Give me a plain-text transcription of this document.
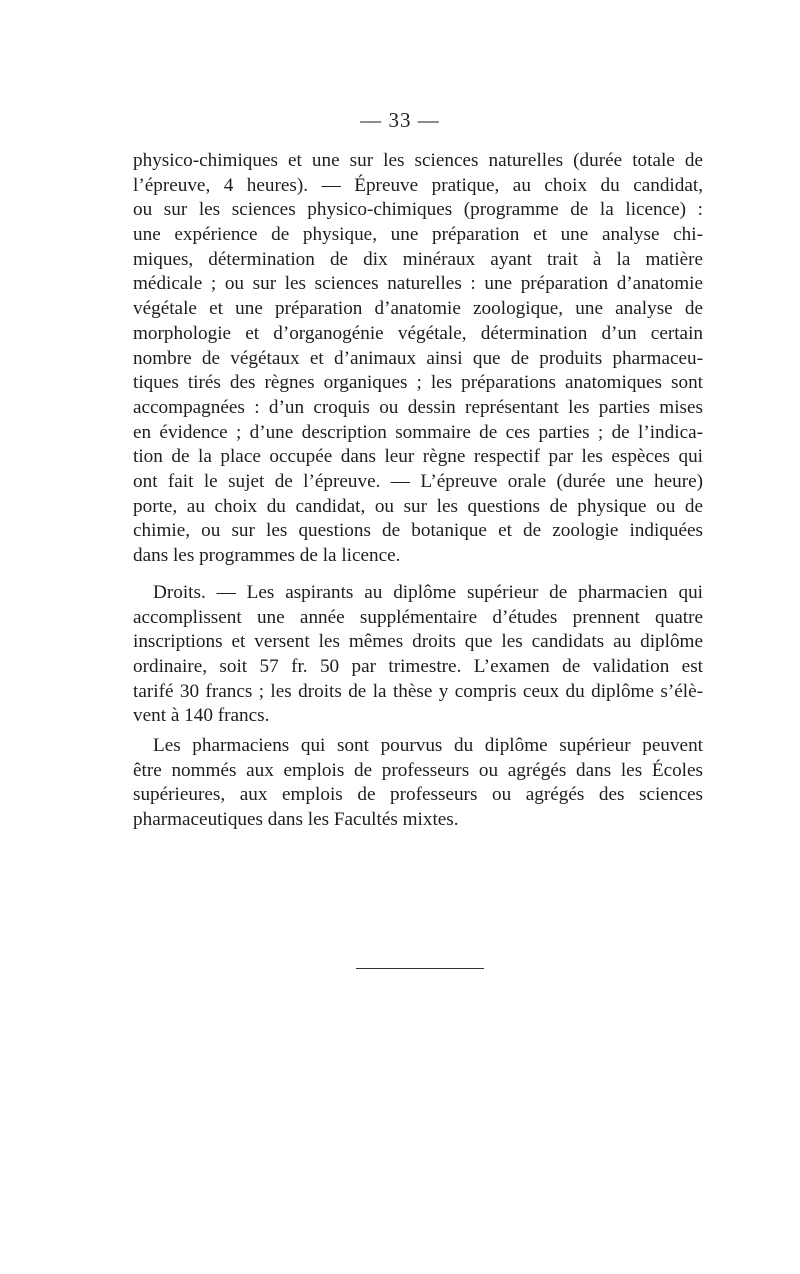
— 33 —
physico-chimiques et une sur les sciences naturelles (durée totale de
l’épreuve, 4 heures). — Épreuve pratique, au choix du candidat,
ou sur les sciences physico-chimiques (programme de la licence) :
une expérience de physique, une préparation et une analyse chi-
miques, détermination de dix minéraux ayant trait à la matière
médicale ; ou sur les sciences naturelles : une préparation d’anatomie
végétale et une préparation d’anatomie zoologique, une analyse de
morphologie et d’organogénie végétale, détermination d’un certain
nombre de végétaux et d’animaux ainsi que de produits pharmaceu-
tiques tirés des règnes organiques ; les préparations anatomiques sont
accompagnées : d’un croquis ou dessin représentant les parties mises
en évidence ; d’une description sommaire de ces parties ; de l’indica-
tion de la place occupée dans leur règne respectif par les espèces qui
ont fait le sujet de l’épreuve. — L’épreuve orale (durée une heure)
porte, au choix du candidat, ou sur les questions de physique ou de
chimie, ou sur les questions de botanique et de zoologie indiquées
dans les programmes de la licence.
Droits. — Les aspirants au diplôme supérieur de pharmacien qui
accomplissent une année supplémentaire d’études prennent quatre
inscriptions et versent les mêmes droits que les candidats au diplôme
ordinaire, soit 57 fr. 50 par trimestre. L’examen de validation est
tarifé 30 francs ; les droits de la thèse y compris ceux du diplôme s’élè-
vent à 140 francs.
Les pharmaciens qui sont pourvus du diplôme supérieur peuvent
être nommés aux emplois de professeurs ou agrégés dans les Écoles
supérieures, aux emplois de professeurs ou agrégés des sciences
pharmaceutiques dans les Facultés mixtes.
